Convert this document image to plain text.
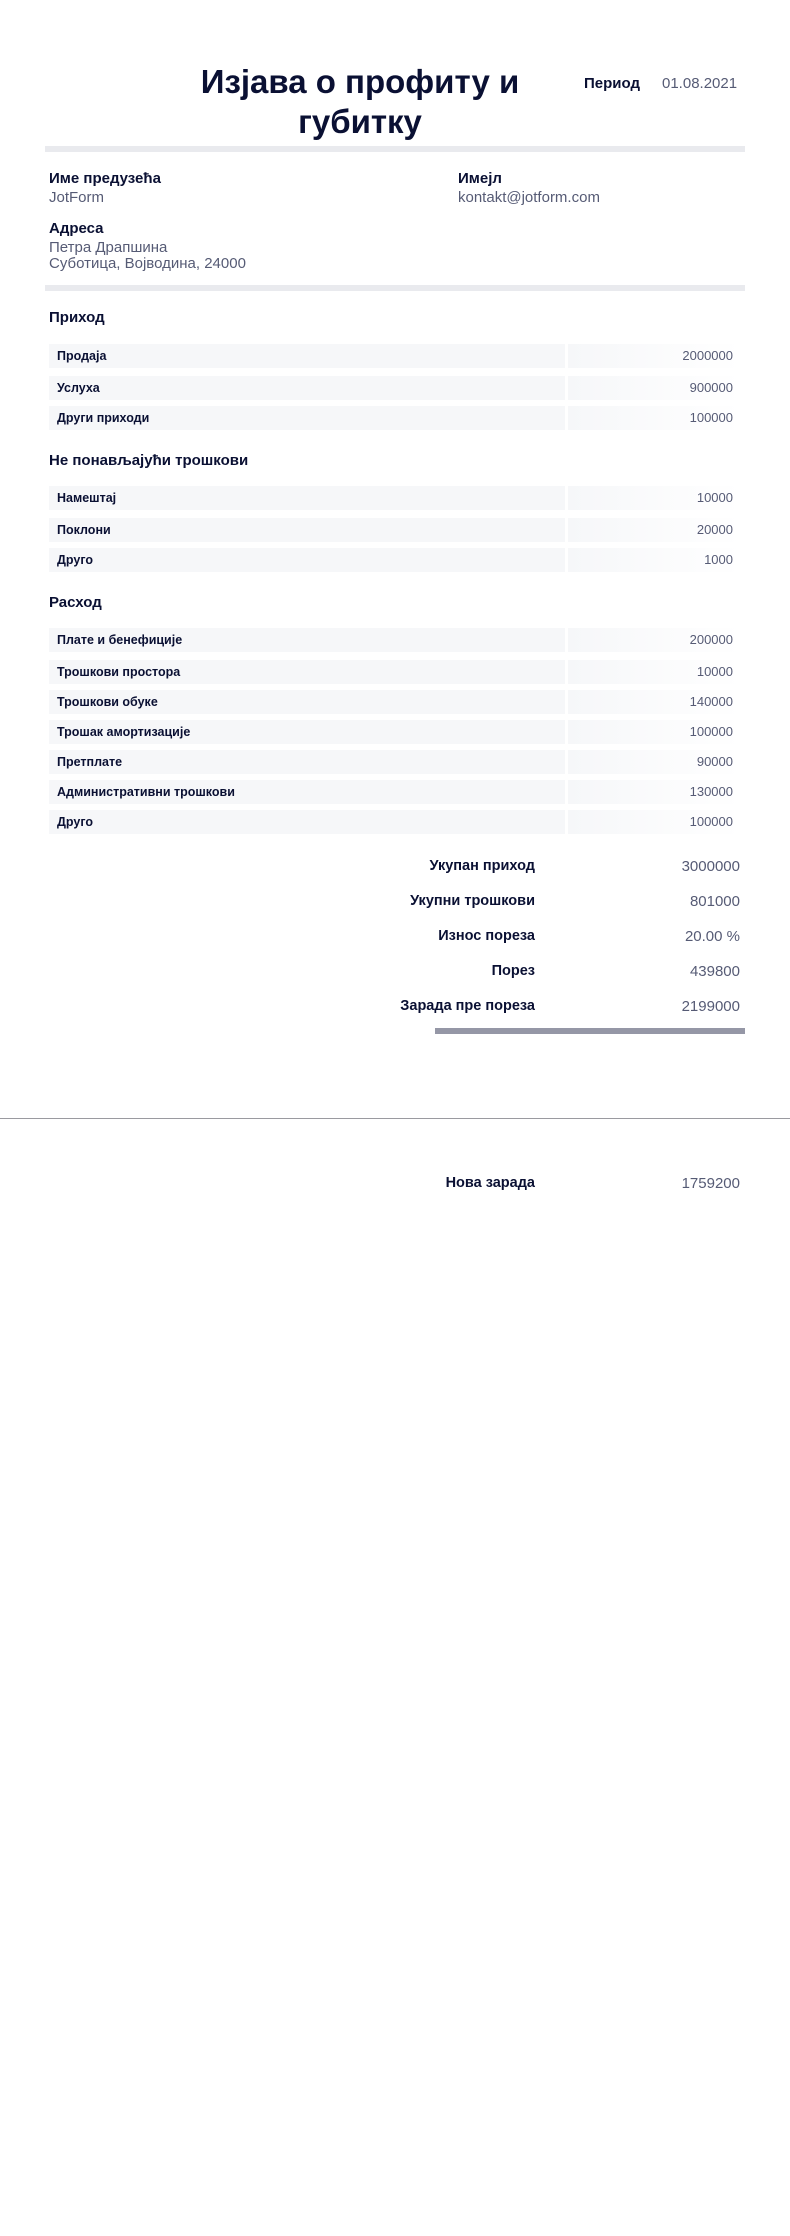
Изјава о профиту и губитку
Период 01.08.2021
Име предузећа
JotForm
Имејл
kontakt@jotform.com
Адреса
Петра Драпшина
Суботица, Војводина, 24000
Приход
Продаја	2000000
Услуха	900000
Други приходи	100000
Не понављајући трошкови
Намештај	10000
Поклони	20000
Друго	1000
Расход
Плате и бенефиције	200000
Трошкови простора	10000
Трошкови обуке	140000
Трошак амортизације	100000
Претплате	90000
Административни трошкови	130000
Друго	100000
Укупан приход	3000000
Укупни трошкови	801000
Износ пореза	20.00 %
Порез	439800
Зарада пре пореза	2199000
Нова зарада	1759200
